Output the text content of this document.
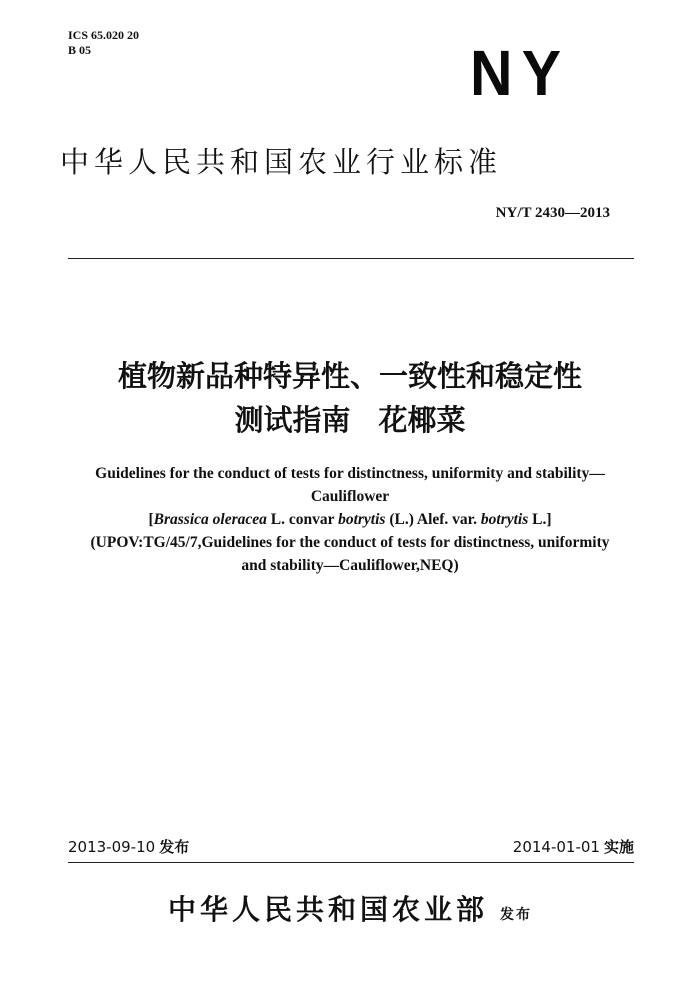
ICS 65.020 20
B 05	NY
中华人民共和国农业行业标准
NY/T 2430—2013
植物新品种特异性、一致性和稳定性
测试指南 花椰菜
Guidelines for the conduct of tests for distinctness, uniformity and stability—
Cauliflower
[Brassica oleracea L. convar botrytis (L.) Alef. var. botrytis L.]
(UPOV:TG/45/7,Guidelines for the conduct of tests for distinctness, uniformity
and stability—Cauliflower,NEQ)
2013-09-10 发布	2014-01-01 实施
中华人民共和国农业部 发布
